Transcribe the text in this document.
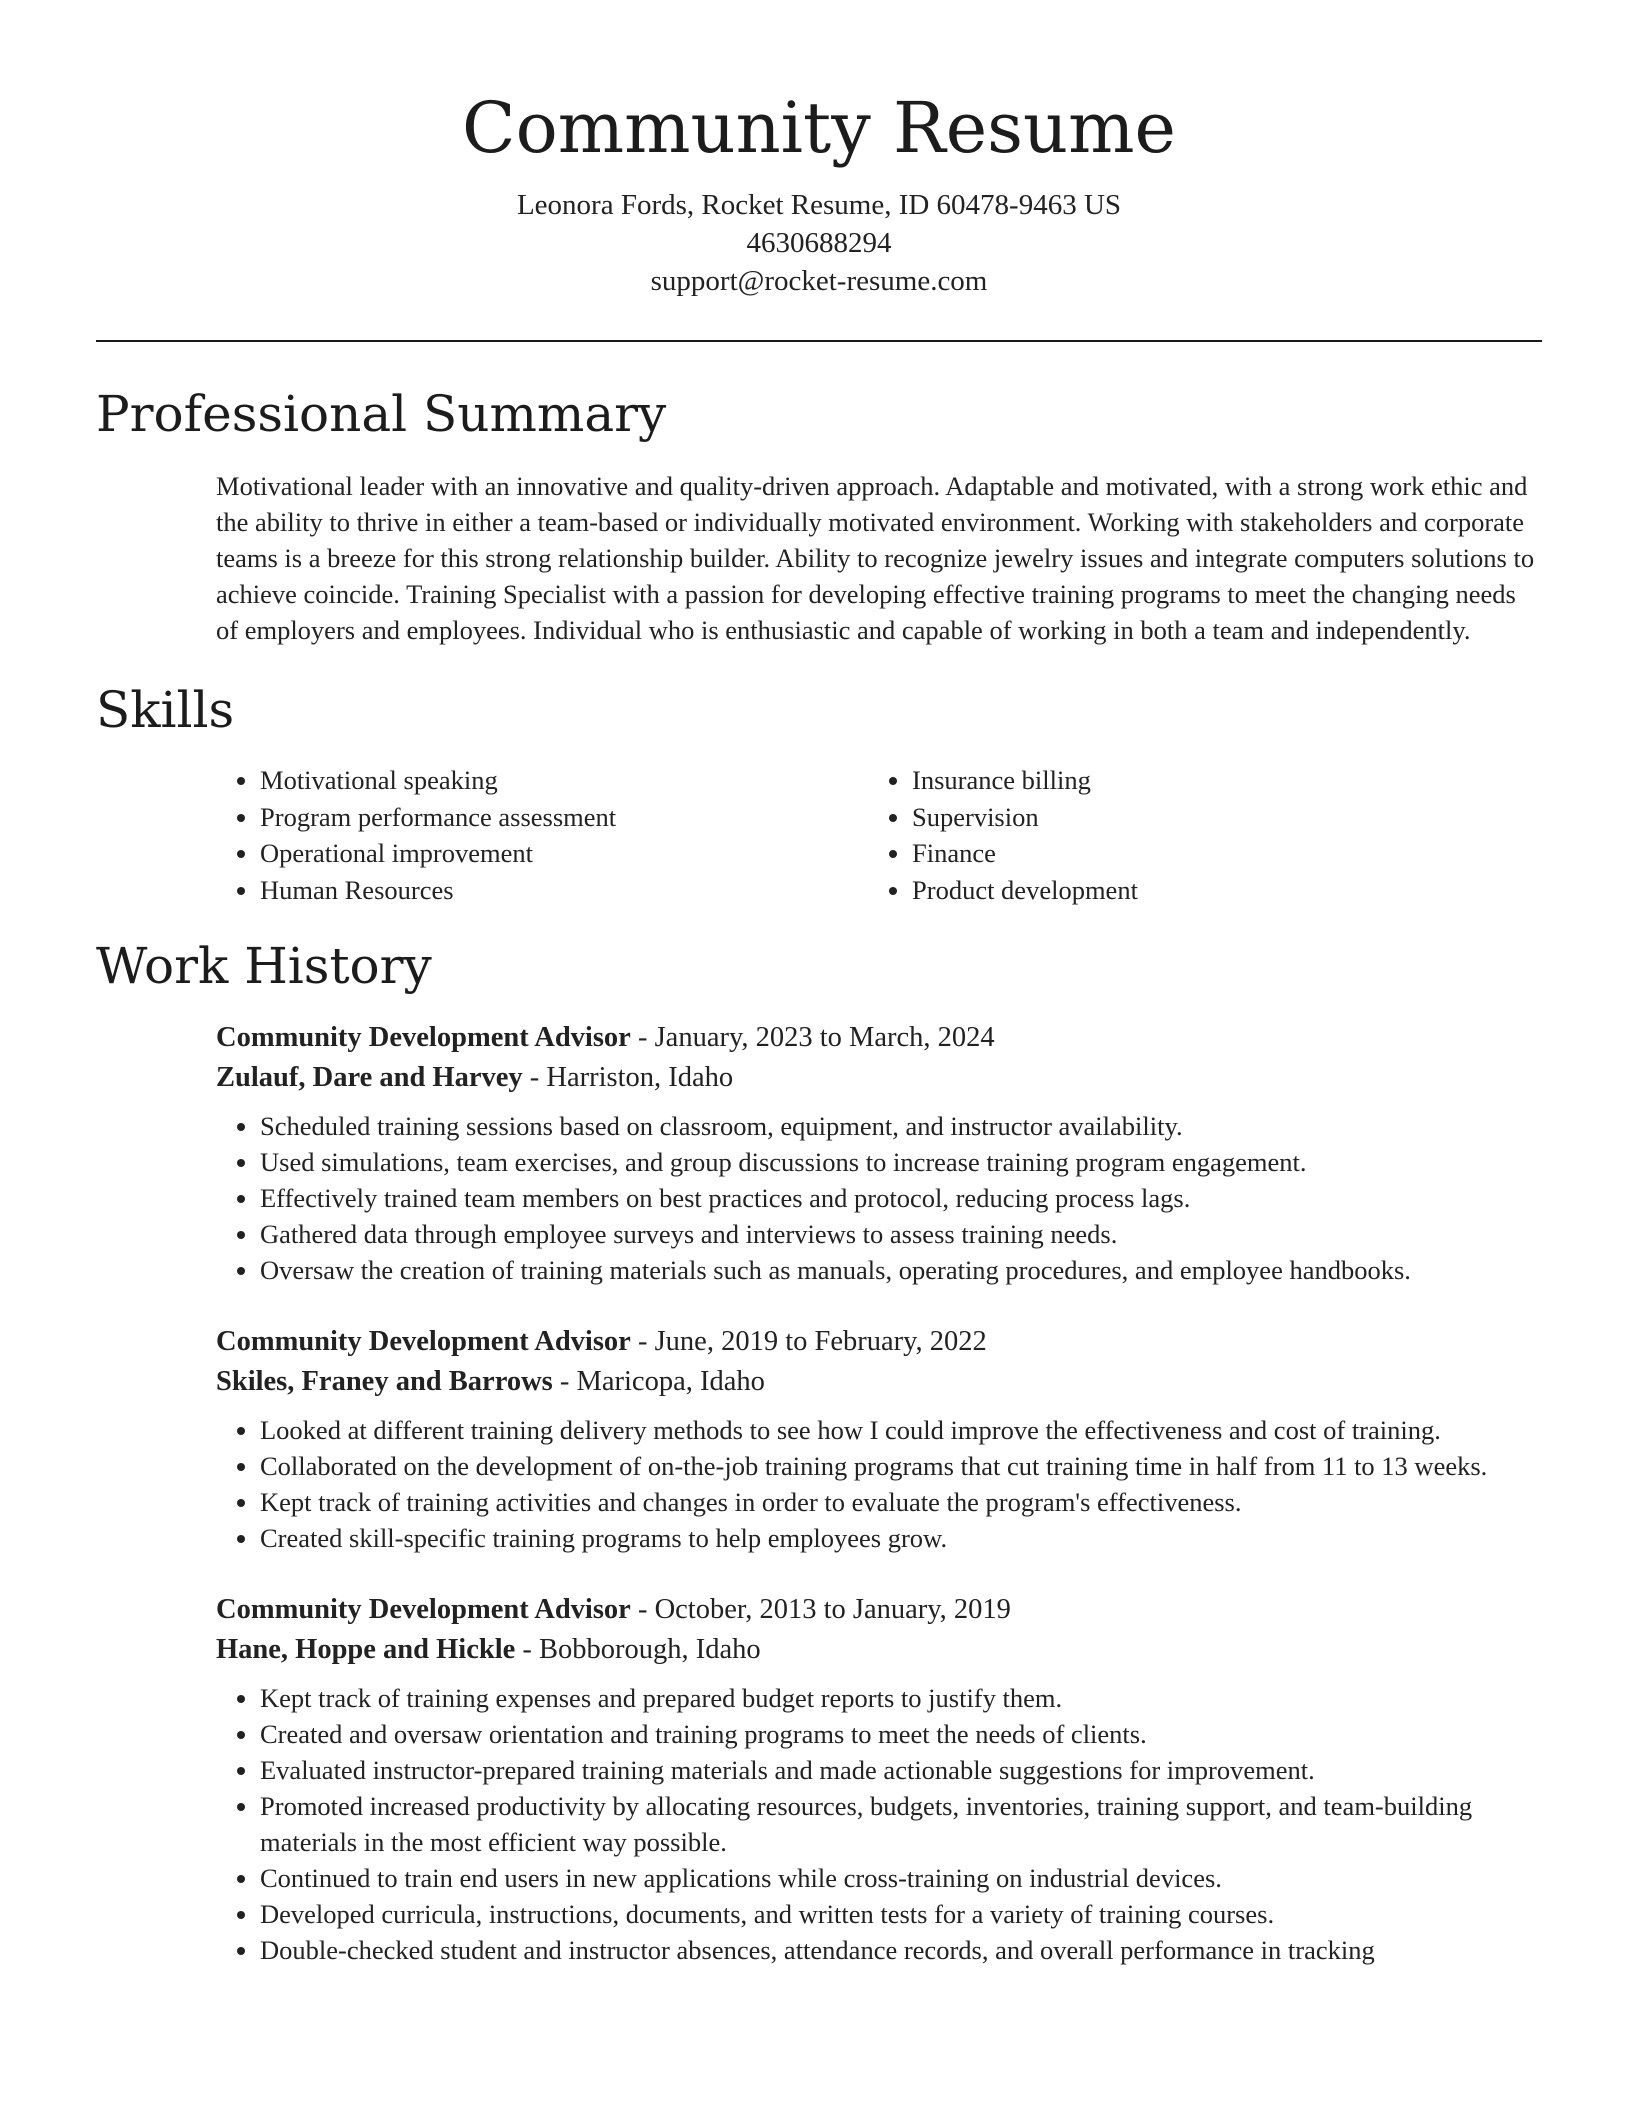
Community Resume
Leonora Fords, Rocket Resume, ID 60478-9463 US
4630688294
support@rocket-resume.com
Professional Summary

Motivational leader with an innovative and quality-driven approach. Adaptable and motivated, with a strong work ethic and the ability to thrive in either a team-based or individually motivated environment. Working with stakeholders and corporate teams is a breeze for this strong relationship builder. Ability to recognize jewelry issues and integrate computers solutions to achieve coincide. Training Specialist with a passion for developing effective training programs to meet the changing needs of employers and employees. Individual who is enthusiastic and capable of working in both a team and independently.

Skills
• Motivational speaking
• Program performance assessment
• Operational improvement
• Human Resources
• Insurance billing
• Supervision
• Finance
• Product development
Work History
Community Development Advisor - January, 2023 to March, 2024
Zulauf, Dare and Harvey - Harriston, Idaho
• Scheduled training sessions based on classroom, equipment, and instructor availability.
• Used simulations, team exercises, and group discussions to increase training program engagement.
• Effectively trained team members on best practices and protocol, reducing process lags.
• Gathered data through employee surveys and interviews to assess training needs.
• Oversaw the creation of training materials such as manuals, operating procedures, and employee handbooks.
Community Development Advisor - June, 2019 to February, 2022
Skiles, Franey and Barrows - Maricopa, Idaho
• Looked at different training delivery methods to see how I could improve the effectiveness and cost of training.
• Collaborated on the development of on-the-job training programs that cut training time in half from 11 to 13 weeks.
• Kept track of training activities and changes in order to evaluate the program's effectiveness.
• Created skill-specific training programs to help employees grow.
Community Development Advisor - October, 2013 to January, 2019
Hane, Hoppe and Hickle - Bobborough, Idaho
• Kept track of training expenses and prepared budget reports to justify them.
• Created and oversaw orientation and training programs to meet the needs of clients.
• Evaluated instructor-prepared training materials and made actionable suggestions for improvement.
• Promoted increased productivity by allocating resources, budgets, inventories, training support, and team-building materials in the most efficient way possible.
• Continued to train end users in new applications while cross-training on industrial devices.
• Developed curricula, instructions, documents, and written tests for a variety of training courses.
• Double-checked student and instructor absences, attendance records, and overall performance in tracking
